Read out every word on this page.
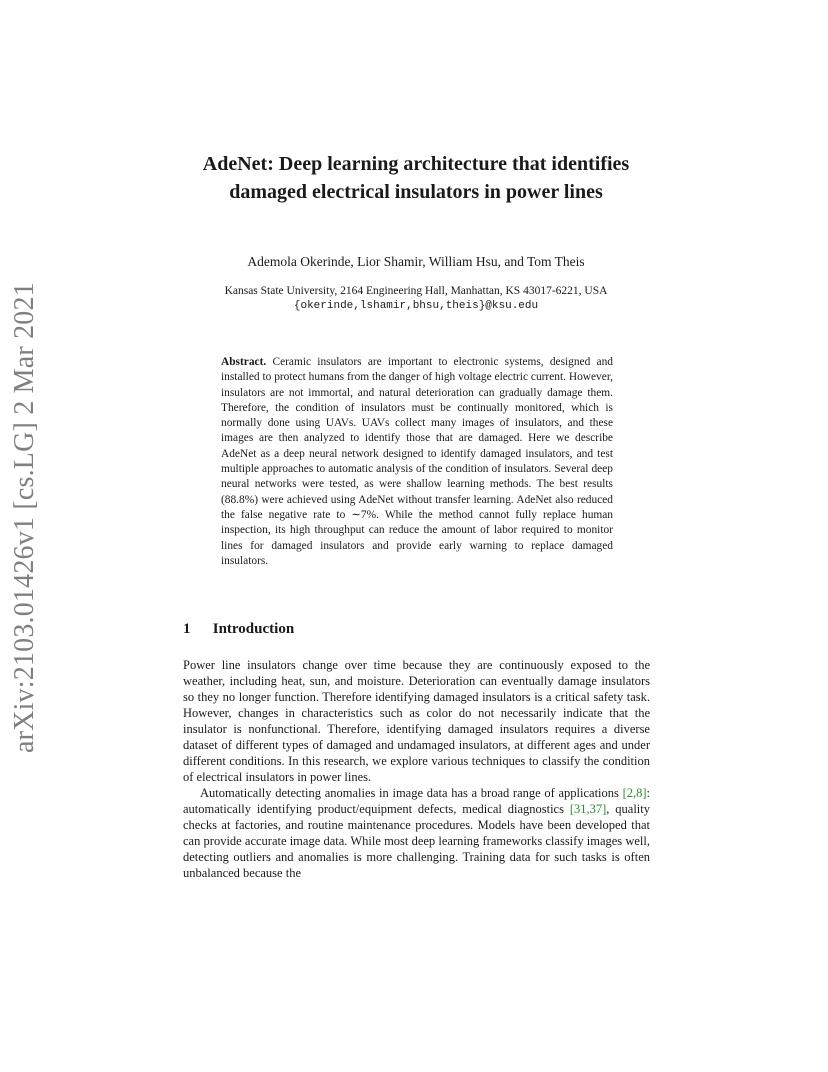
arXiv:2103.01426v1 [cs.LG] 2 Mar 2021
AdeNet: Deep learning architecture that identifies damaged electrical insulators in power lines
Ademola Okerinde, Lior Shamir, William Hsu, and Tom Theis
Kansas State University, 2164 Engineering Hall, Manhattan, KS 43017-6221, USA
{okerinde,lshamir,bhsu,theis}@ksu.edu
Abstract. Ceramic insulators are important to electronic systems, designed and installed to protect humans from the danger of high voltage electric current. However, insulators are not immortal, and natural deterioration can gradually damage them. Therefore, the condition of insulators must be continually monitored, which is normally done using UAVs. UAVs collect many images of insulators, and these images are then analyzed to identify those that are damaged. Here we describe AdeNet as a deep neural network designed to identify damaged insulators, and test multiple approaches to automatic analysis of the condition of insulators. Several deep neural networks were tested, as were shallow learning methods. The best results (88.8%) were achieved using AdeNet without transfer learning. AdeNet also reduced the false negative rate to ∼7%. While the method cannot fully replace human inspection, its high throughput can reduce the amount of labor required to monitor lines for damaged insulators and provide early warning to replace damaged insulators.
1 Introduction

Power line insulators change over time because they are continuously exposed to the weather, including heat, sun, and moisture. Deterioration can eventually damage insulators so they no longer function. Therefore identifying damaged insulators is a critical safety task. However, changes in characteristics such as color do not necessarily indicate that the insulator is nonfunctional. Therefore, identifying damaged insulators requires a diverse dataset of different types of damaged and undamaged insulators, at different ages and under different conditions. In this research, we explore various techniques to classify the condition of electrical insulators in power lines.

Automatically detecting anomalies in image data has a broad range of applications [2,8]: automatically identifying product/equipment defects, medical diagnostics [31,37], quality checks at factories, and routine maintenance procedures. Models have been developed that can provide accurate image data. While most deep learning frameworks classify images well, detecting outliers and anomalies is more challenging. Training data for such tasks is often unbalanced because the
